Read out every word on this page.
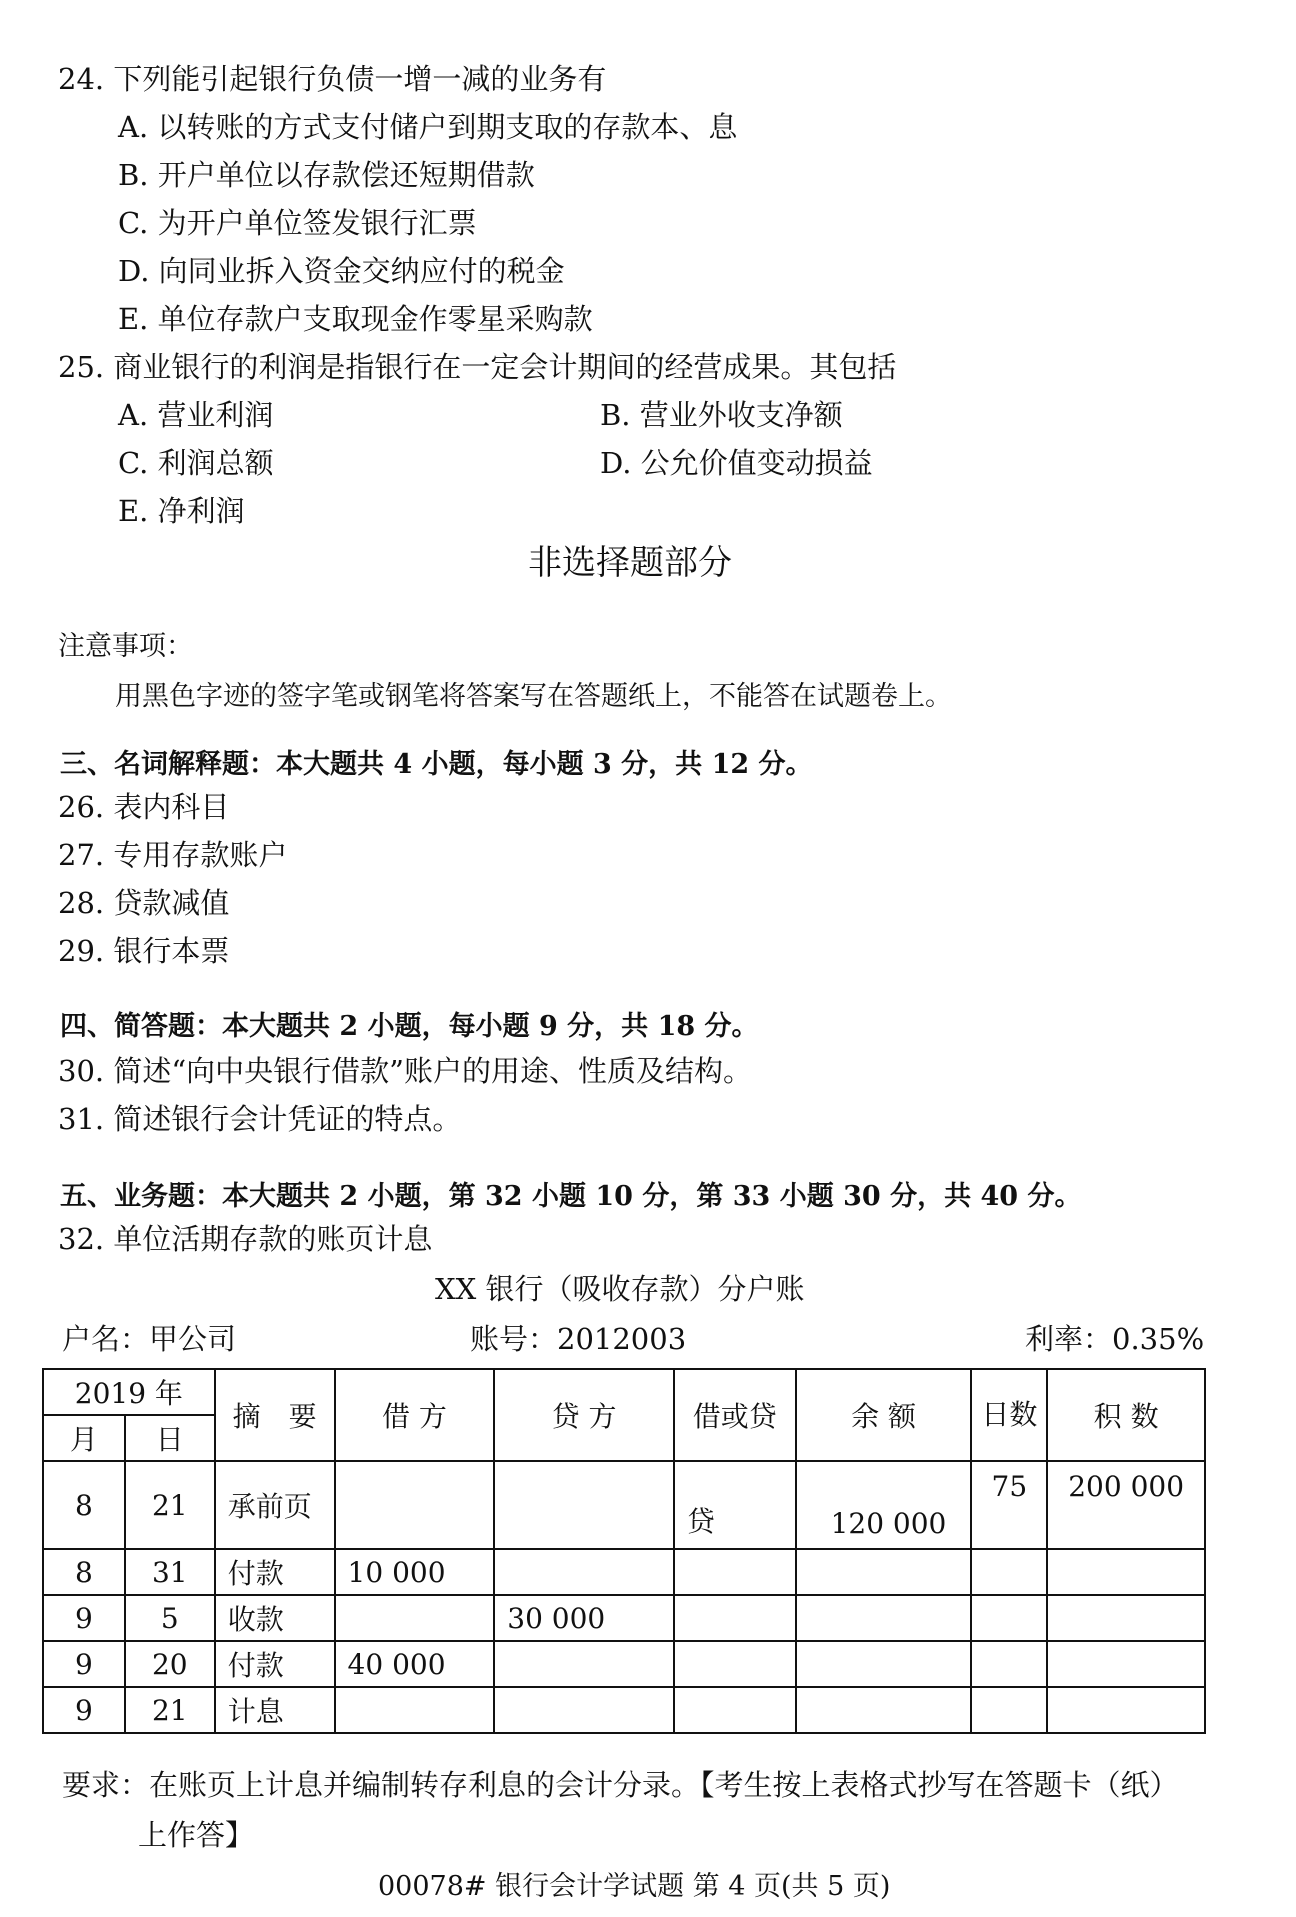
24. 下列能引起银行负债一增一减的业务有
A. 以转账的方式支付储户到期支取的存款本、息
B. 开户单位以存款偿还短期借款
C. 为开户单位签发银行汇票
D. 向同业拆入资金交纳应付的税金
E. 单位存款户支取现金作零星采购款
25. 商业银行的利润是指银行在一定会计期间的经营成果。其包括
A. 营业利润	B. 营业外收支净额
C. 利润总额	D. 公允价值变动损益
E. 净利润
非选择题部分
注意事项：
用黑色字迹的签字笔或钢笔将答案写在答题纸上，不能答在试题卷上。
三、名词解释题：本大题共 4 小题，每小题 3 分，共 12 分。
26. 表内科目
27. 专用存款账户
28. 贷款减值
29. 银行本票
四、简答题：本大题共 2 小题，每小题 9 分，共 18 分。
30. 简述“向中央银行借款”账户的用途、性质及结构。
31. 简述银行会计凭证的特点。
五、业务题：本大题共 2 小题，第 32 小题 10 分，第 33 小题 30 分，共 40 分。
32. 单位活期存款的账页计息
XX 银行（吸收存款）分户账
户名：甲公司	账号：2012003	利率：0.35%
2019 年		摘　要	借 方	贷 方	借或贷	余 额	日数	积 数
月	日							
8	21	承前页			贷	120 000	75	200 000
8	31	付款	10 000					
9	5	收款		30 000				
9	20	付款	40 000					
9	21	计息						
要求：在账页上计息并编制转存利息的会计分录。【考生按上表格式抄写在答题卡（纸）
上作答】
00078# 银行会计学试题 第 4 页(共 5 页)
